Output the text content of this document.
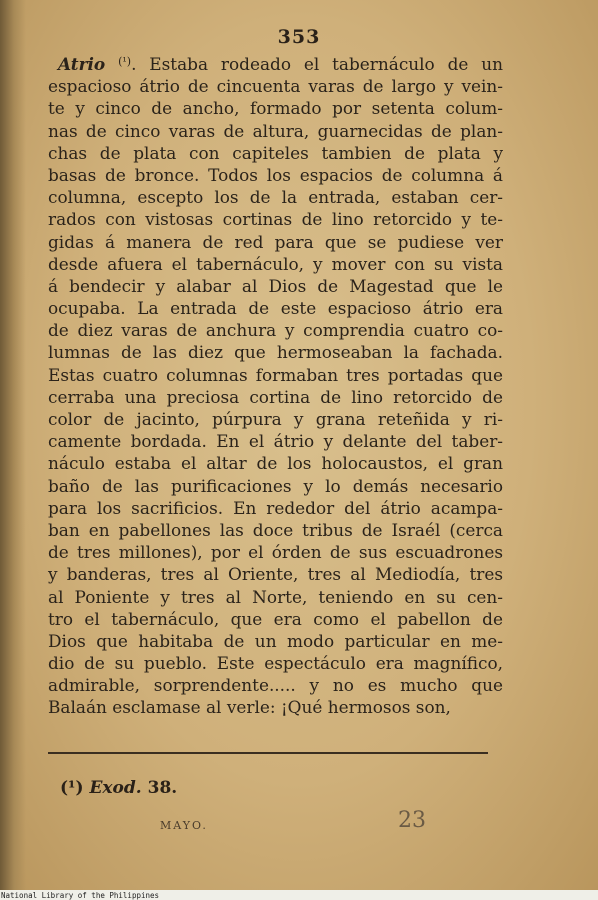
353
Atrio $^{(^1)}$. Estaba rodeado el tabernáculo de un
espacioso átrio de cincuenta varas de largo y vein-
te y cinco de ancho, formado por setenta colum-
nas de cinco varas de altura, guarnecidas de plan-
chas de plata con capiteles tambien de plata y
basas de bronce. Todos los espacios de columna á
columna, escepto los de la entrada, estaban cer-
rados con vistosas cortinas de lino retorcido y te-
gidas á manera de red para que se pudiese ver
desde afuera el tabernáculo, y mover con su vista
á bendecir y alabar al Dios de Magestad que le
ocupaba. La entrada de este espacioso átrio era
de diez varas de anchura y comprendia cuatro co-
lumnas de las diez que hermoseaban la fachada.
Estas cuatro columnas formaban tres portadas que
cerraba una preciosa cortina de lino retorcido de
color de jacinto, púrpura y grana reteñida y ri-
camente bordada. En el átrio y delante del taber-
náculo estaba el altar de los holocaustos, el gran
baño de las purificaciones y lo demás necesario
para los sacrificios. En rededor del átrio acampa-
ban en pabellones las doce tribus de Israél (cerca
de tres millones), por el órden de sus escuadrones
y banderas, tres al Oriente, tres al Mediodía, tres
al Poniente y tres al Norte, teniendo en su cen-
tro el tabernáculo, que era como el pabellon de
Dios que habitaba de un modo particular en me-
dio de su pueblo. Este espectáculo era magnífico,
admirable, sorprendente..... y no es mucho que
Balaán esclamase al verle: ¡Qué hermosos son,
(¹) Exod. 38.
MAYO.	23
National Library of the Philippines
